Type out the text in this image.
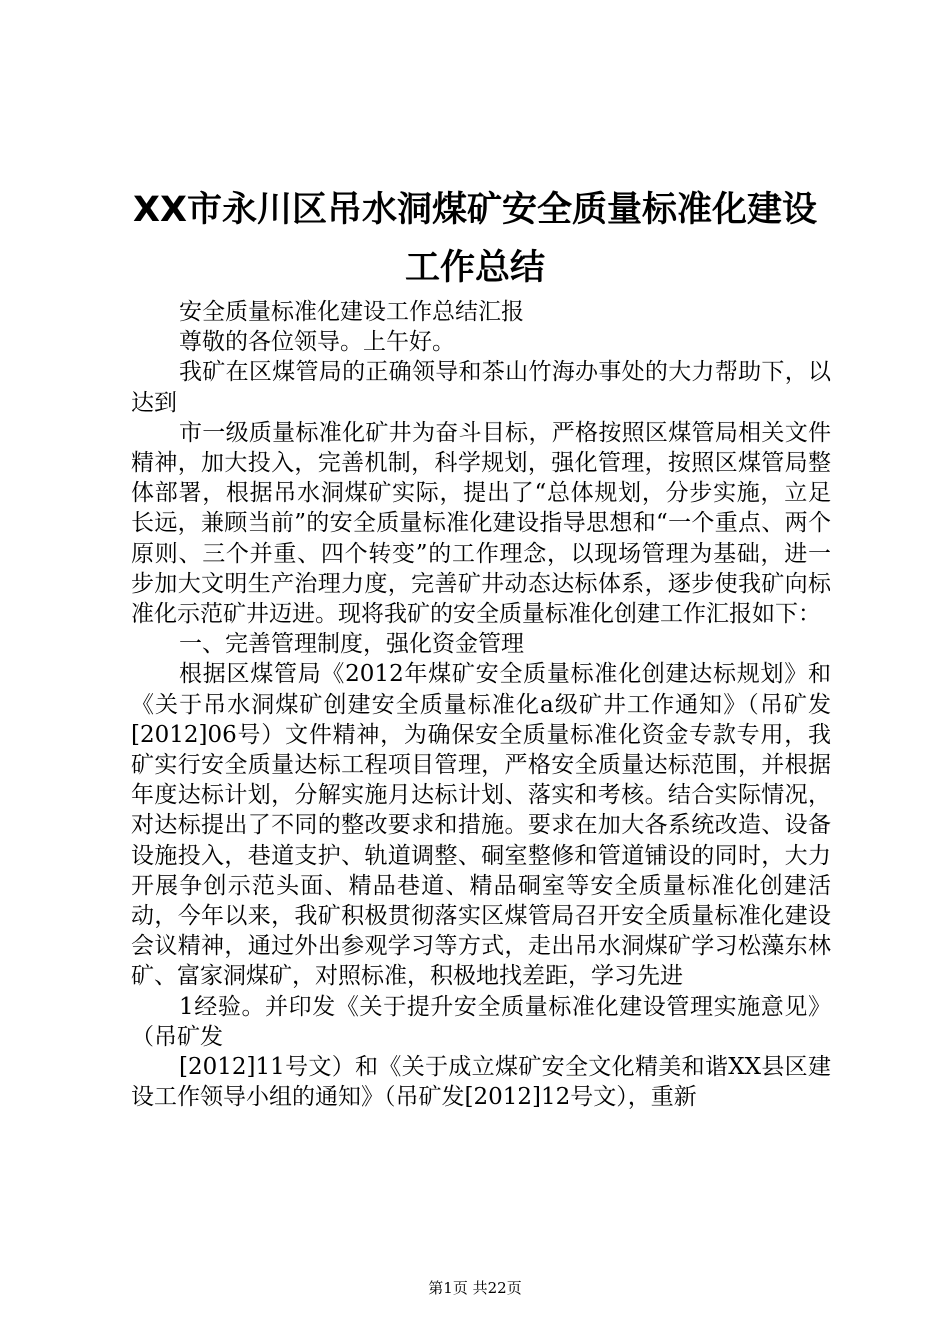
XX市永川区吊水洞煤矿安全质量标准化建设
工作总结

安全质量标准化建设工作总结汇报

尊敬的各位领导。上午好。

我矿在区煤管局的正确领导和茶山竹海办事处的大力帮助下，以达到

市一级质量标准化矿井为奋斗目标，严格按照区煤管局相关文件精神，加大投入，完善机制，科学规划，强化管理，按照区煤管局整体部署，根据吊水洞煤矿实际，提出了“总体规划，分步实施，立足长远，兼顾当前”的安全质量标准化建设指导思想和“一个重点、两个原则、三个并重、四个转变”的工作理念，以现场管理为基础，进一步加大文明生产治理力度，完善矿井动态达标体系，逐步使我矿向标准化示范矿井迈进。现将我矿的安全质量标准化创建工作汇报如下：

一、完善管理制度，强化资金管理

根据区煤管局《2012年煤矿安全质量标准化创建达标规划》和《关于吊水洞煤矿创建安全质量标准化a级矿井工作通知》（吊矿发[2012]06号）文件精神，为确保安全质量标准化资金专款专用，我矿实行安全质量达标工程项目管理，严格安全质量达标范围，并根据年度达标计划，分解实施月达标计划、落实和考核。结合实际情况，对达标提出了不同的整改要求和措施。要求在加大各系统改造、设备设施投入，巷道支护、轨道调整、硐室整修和管道铺设的同时，大力开展争创示范头面、精品巷道、精品硐室等安全质量标准化创建活动，今年以来，我矿积极贯彻落实区煤管局召开安全质量标准化建设会议精神，通过外出参观学习等方式，走出吊水洞煤矿学习松藻东林矿、富家洞煤矿，对照标准，积极地找差距，学习先进

1经验。并印发《关于提升安全质量标准化建设管理实施意见》（吊矿发

[2012]11号文）和《关于成立煤矿安全文化精美和谐XX县区建设工作领导小组的通知》（吊矿发[2012]12号文），重新

第1页 共22页
